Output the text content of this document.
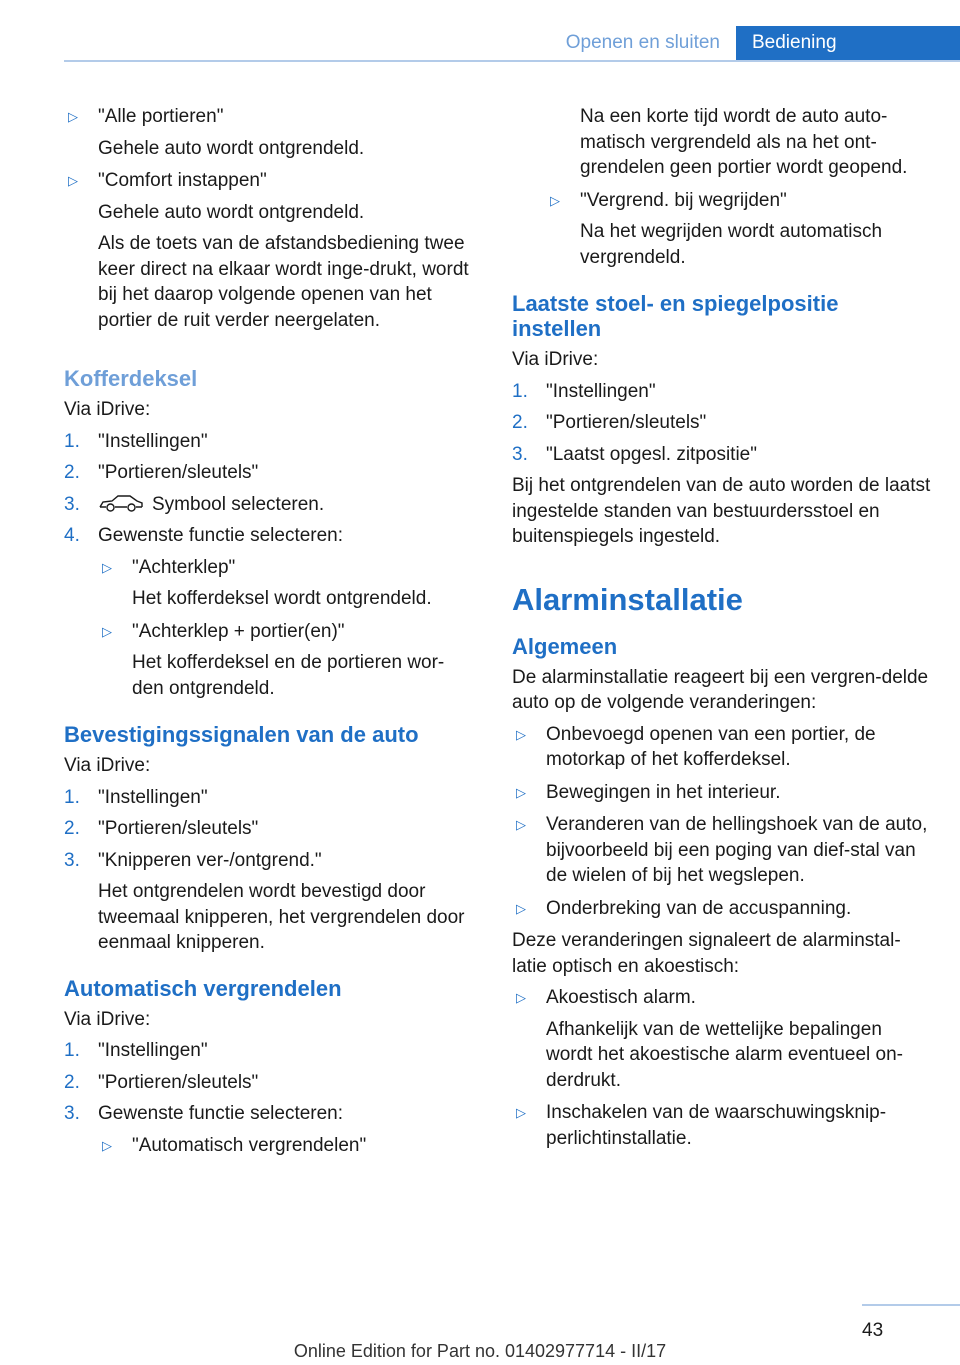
Openen en sluiten	Bediening
▷	"Alle portieren"

Gehele auto wordt ontgrendeld.

▷	"Comfort instappen"

Gehele auto wordt ontgrendeld.

Als de toets van de afstandsbediening twee keer direct na elkaar wordt inge-drukt, wordt bij het daarop volgende openen van het portier de ruit verder neergelaten.

Kofferdeksel

Via iDrive:

1. "Instellingen"

2. "Portieren/sleutels"

3.	Symbool selecteren.

4. Gewenste functie selecteren:

▷	"Achterklep"

Het kofferdeksel wordt ontgrendeld.

▷	"Achterklep + portier(en)"

Het kofferdeksel en de portieren wor-den ontgrendeld.

Bevestigingssignalen van de auto

Via iDrive:

1. "Instellingen"

2. "Portieren/sleutels"

3. "Knipperen ver-/ontgrend."

Het ontgrendelen wordt bevestigd door tweemaal knipperen, het vergrendelen door eenmaal knipperen.

Automatisch vergrendelen

Via iDrive:

1. "Instellingen"

2. "Portieren/sleutels"

3. Gewenste functie selecteren:

▷	"Automatisch vergrendelen"

Na een korte tijd wordt de auto auto-matisch vergrendeld als na het ont-grendelen geen portier wordt geopend.

▷	"Vergrend. bij wegrijden"

Na het wegrijden wordt automatisch vergrendeld.

Laatste stoel- en spiegelpositie instellen

Via iDrive:

1. "Instellingen"

2. "Portieren/sleutels"

3. "Laatst opgesl. zitpositie"

Bij het ontgrendelen van de auto worden de laatst ingestelde standen van bestuurdersstoel en buitenspiegels ingesteld.

Alarminstallatie
Algemeen

De alarminstallatie reageert bij een vergren-delde auto op de volgende veranderingen:

▷	Onbevoegd openen van een portier, de motorkap of het kofferdeksel.

▷	Bewegingen in het interieur.

▷	Veranderen van de hellingshoek van de auto, bijvoorbeeld bij een poging van dief-stal van de wielen of bij het wegslepen.

▷	Onderbreking van de accuspanning.

Deze veranderingen signaleert de alarminstal-latie optisch en akoestisch:

▷	Akoestisch alarm.

Afhankelijk van de wettelijke bepalingen wordt het akoestische alarm eventueel on-derdrukt.

▷	Inschakelen van de waarschuwingsknip-perlichtinstallatie.

43
Online Edition for Part no. 01402977714 - II/17
